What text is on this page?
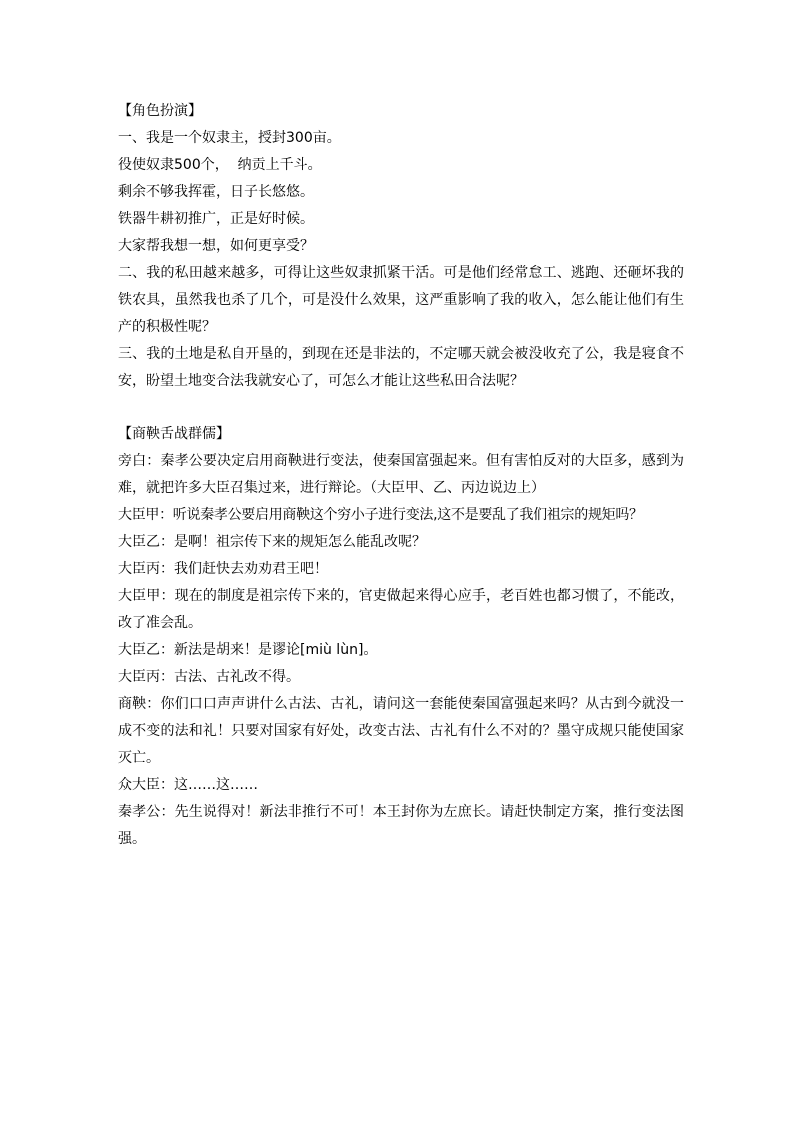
【角色扮演】

一、我是一个奴隶主，授封300亩。

役使奴隶500个，  纳贡上千斗。

剩余不够我挥霍，日子长悠悠。

铁器牛耕初推广，正是好时候。

大家帮我想一想，如何更享受？

二、我的私田越来越多，可得让这些奴隶抓紧干活。可是他们经常怠工、逃跑、还砸坏我的铁农具，虽然我也杀了几个，可是没什么效果，这严重影响了我的收入，怎么能让他们有生产的积极性呢？

三、我的土地是私自开垦的，到现在还是非法的，不定哪天就会被没收充了公，我是寝食不安，盼望土地变合法我就安心了，可怎么才能让这些私田合法呢？

【商鞅舌战群儒】

旁白：秦孝公要决定启用商鞅进行变法，使秦国富强起来。但有害怕反对的大臣多，感到为难，就把许多大臣召集过来，进行辩论。（大臣甲、乙、丙边说边上）

大臣甲：听说秦孝公要启用商鞅这个穷小子进行变法,这不是要乱了我们祖宗的规矩吗？

大臣乙：是啊！祖宗传下来的规矩怎么能乱改呢？

大臣丙：我们赶快去劝劝君王吧！

大臣甲：现在的制度是祖宗传下来的，官吏做起来得心应手，老百姓也都习惯了，不能改，改了准会乱。

大臣乙：新法是胡来！是谬论[miù lùn]。

大臣丙：古法、古礼改不得。

商鞅：你们口口声声讲什么古法、古礼，请问这一套能使秦国富强起来吗？从古到今就没一成不变的法和礼！只要对国家有好处，改变古法、古礼有什么不对的？墨守成规只能使国家灭亡。

众大臣：这……这……

秦孝公：先生说得对！新法非推行不可！本王封你为左庶长。请赶快制定方案，推行变法图强。
